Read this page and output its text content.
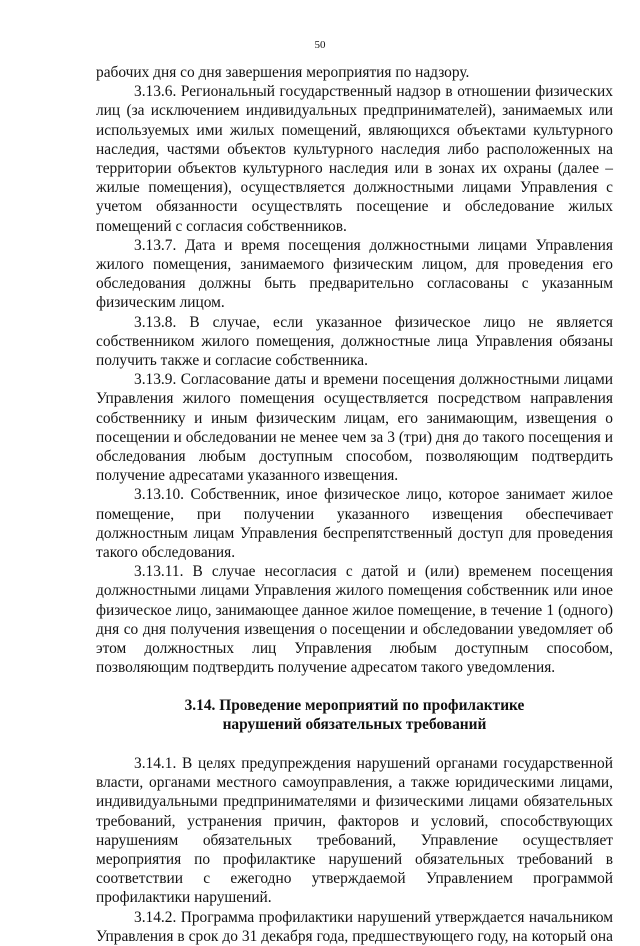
50

рабочих дня со дня завершения мероприятия по надзору.

3.13.6. Региональный государственный надзор в отношении физических лиц (за исключением индивидуальных предпринимателей), занимаемых или используемых ими жилых помещений, являющихся объектами культурного наследия, частями объектов культурного наследия либо расположенных на территории объектов культурного наследия или в зонах их охраны (далее – жилые помещения), осуществляется должностными лицами Управления с учетом обязанности осуществлять посещение и обследование жилых помещений с согласия собственников.

3.13.7. Дата и время посещения должностными лицами Управления жилого помещения, занимаемого физическим лицом, для проведения его обследования должны быть предварительно согласованы с указанным физическим лицом.

3.13.8. В случае, если указанное физическое лицо не является собственником жилого помещения, должностные лица Управления обязаны получить также и согласие собственника.

3.13.9. Согласование даты и времени посещения должностными лицами Управления жилого помещения осуществляется посредством направления собственнику и иным физическим лицам, его занимающим, извещения о посещении и обследовании не менее чем за 3 (три) дня до такого посещения и обследования любым доступным способом, позволяющим подтвердить получение адресатами указанного извещения.

3.13.10. Собственник, иное физическое лицо, которое занимает жилое помещение, при получении указанного извещения обеспечивает должностным лицам Управления беспрепятственный доступ для проведения такого обследования.

3.13.11. В случае несогласия с датой и (или) временем посещения должностными лицами Управления жилого помещения собственник или иное физическое лицо, занимающее данное жилое помещение, в течение 1 (одного) дня со дня получения извещения о посещении и обследовании уведомляет об этом должностных лиц Управления любым доступным способом, позволяющим подтвердить получение адресатом такого уведомления.

3.14. Проведение мероприятий по профилактике
нарушений обязательных требований

3.14.1. В целях предупреждения нарушений органами государственной власти, органами местного самоуправления, а также юридическими лицами, индивидуальными предпринимателями и физическими лицами обязательных требований, устранения причин, факторов и условий, способствующих нарушениям обязательных требований, Управление осуществляет мероприятия по профилактике нарушений обязательных требований в соответствии с ежегодно утверждаемой Управлением программой профилактики нарушений.

3.14.2. Программа профилактики нарушений утверждается начальником Управления в срок до 31 декабря года, предшествующего году, на который она
